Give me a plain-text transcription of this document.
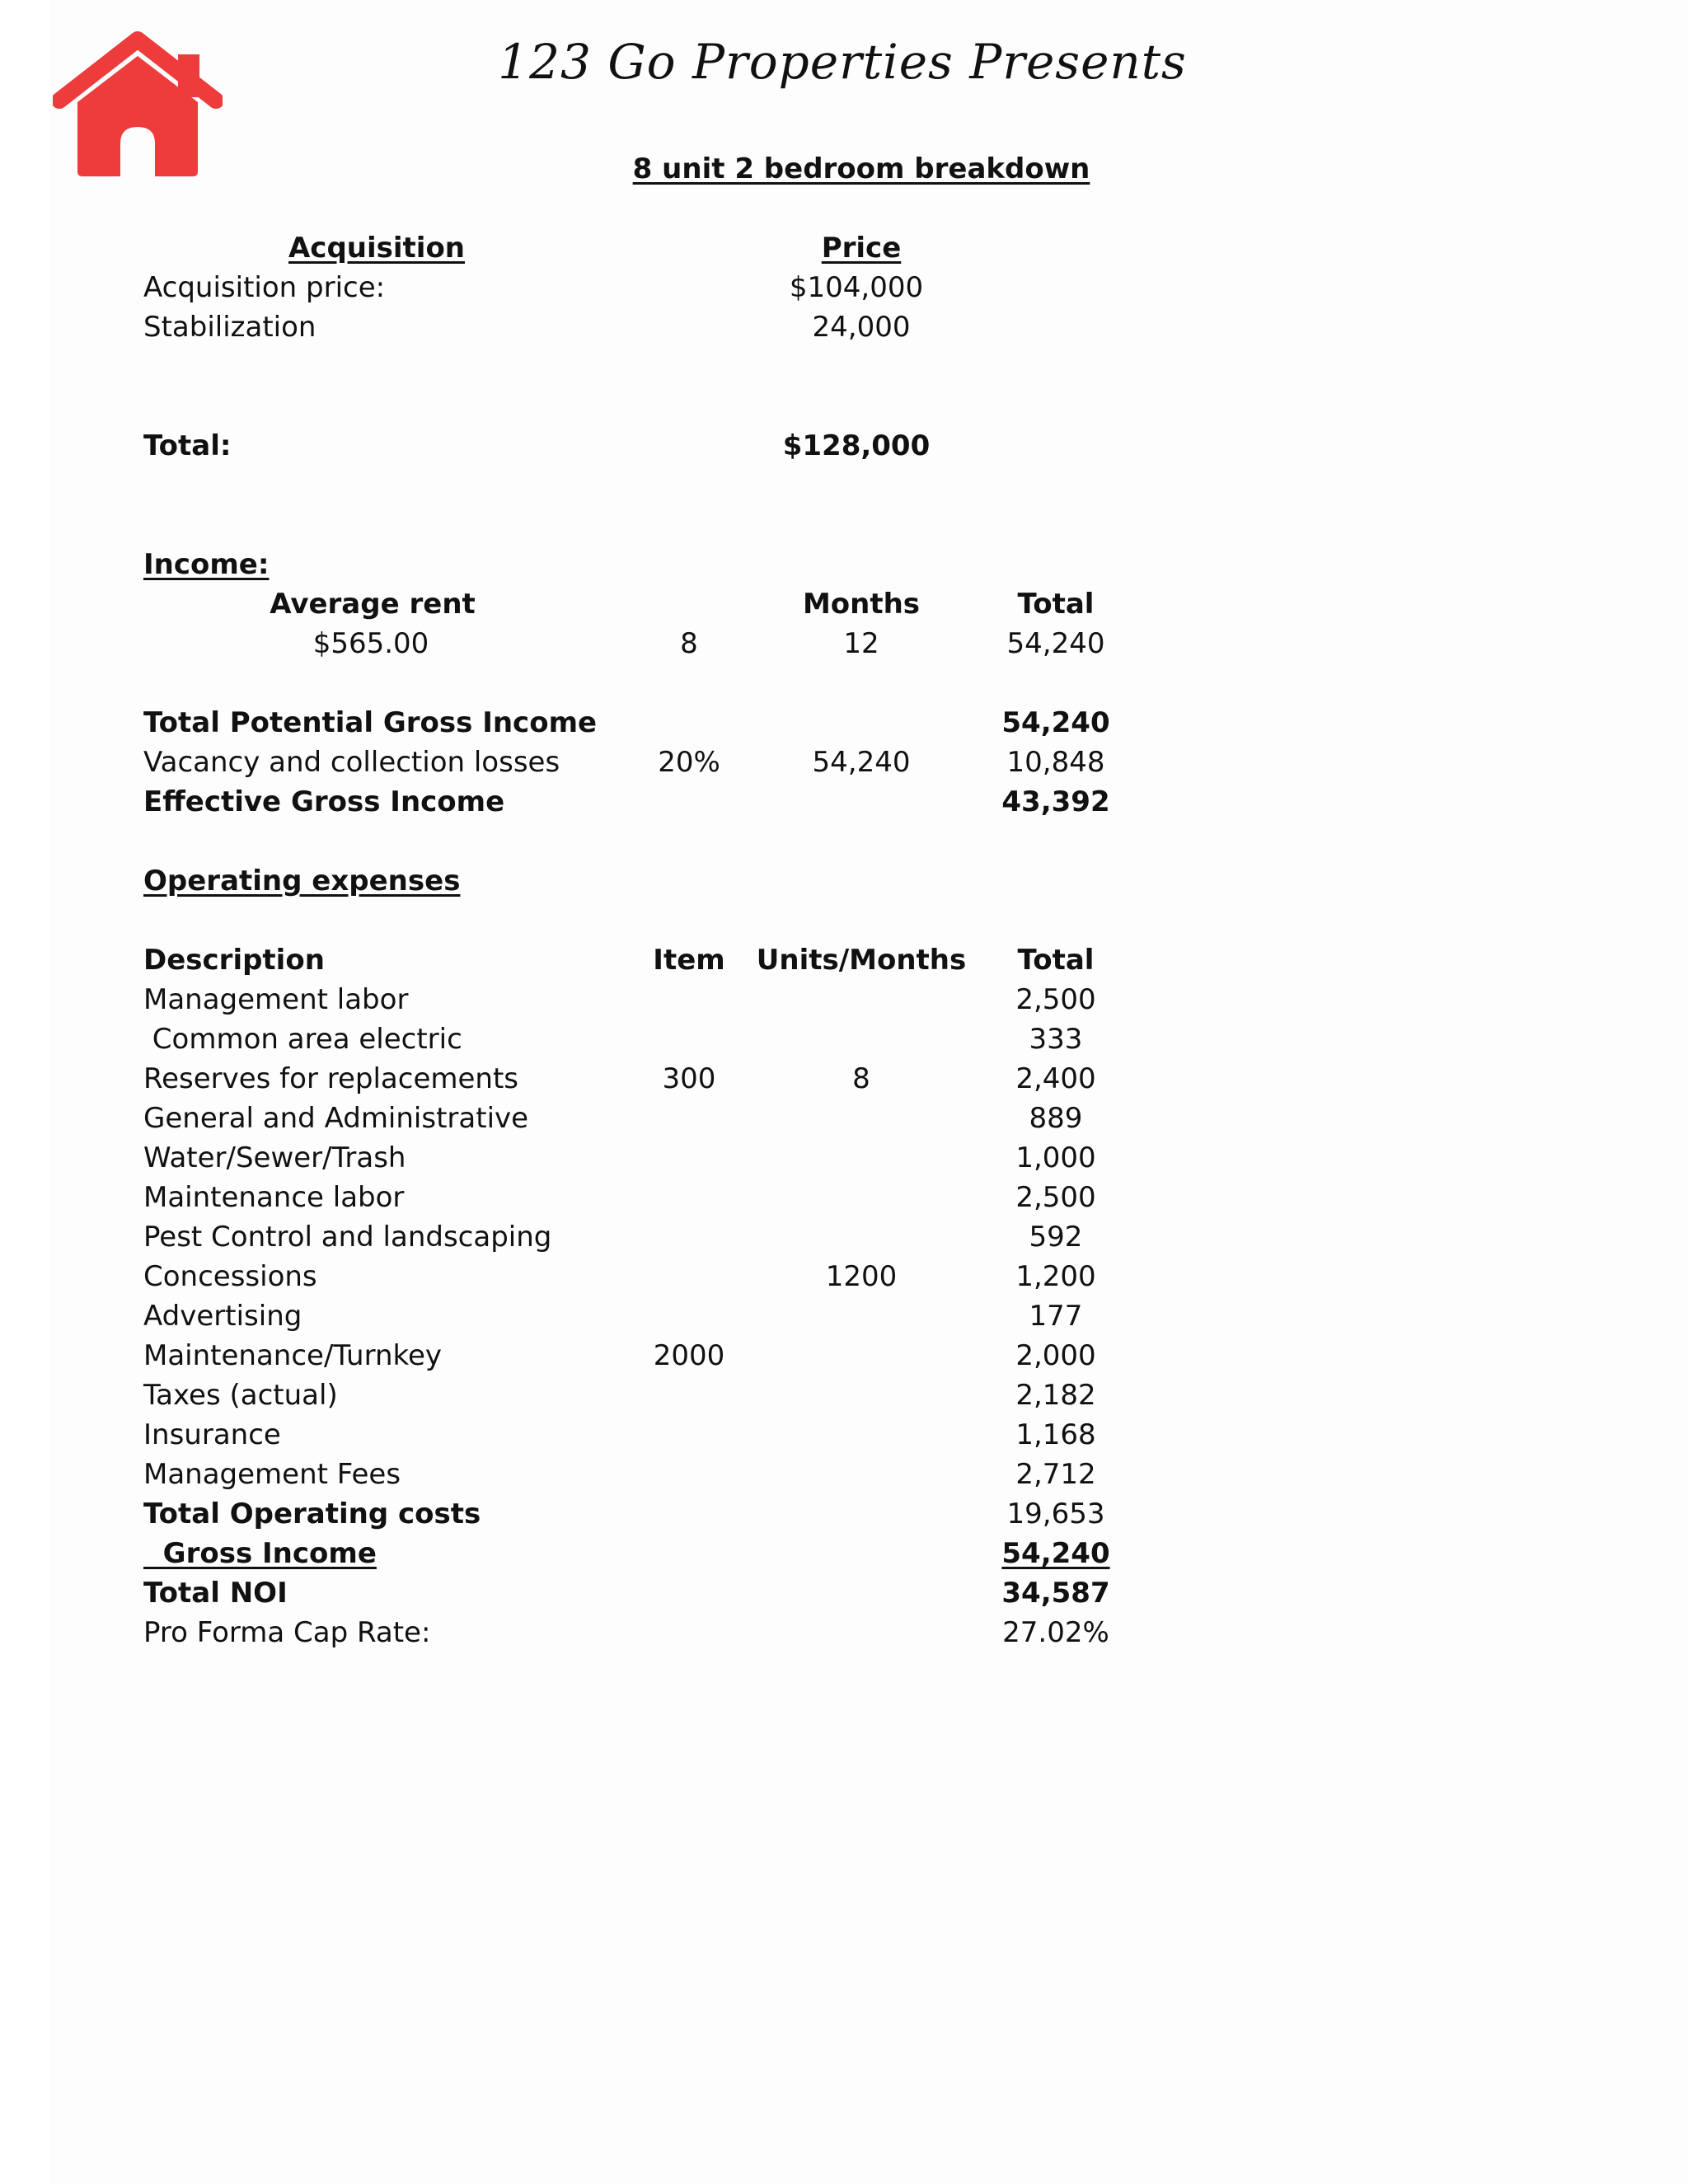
123 Go Properties Presents
8 unit 2 bedroom breakdown
Acquisition	Price
Acquisition price:	$104,000
Stabilization	24,000
Total:	$128,000
Income:
Average rent	Months	Total
$565.00	8	12	54,240
Total Potential Gross Income	54,240
Vacancy and collection losses	20%	54,240	10,848
Effective Gross Income	43,392
Operating expenses
Description	Item Units/Months Total
Management labor	2,500
Common area electric	333
Reserves for replacements	300	8	2,400
General and Administrative	889
Water/Sewer/Trash	1,000
Maintenance labor	2,500
Pest Control and landscaping	592
Concessions	1200	1,200
Advertising	177
Maintenance/Turnkey	2000	2,000
Taxes (actual)	2,182
Insurance	1,168
Management Fees	2,712
Total Operating costs	19,653
Gross Income	54,240
Total NOI	34,587
Pro Forma Cap Rate:	27.02%
